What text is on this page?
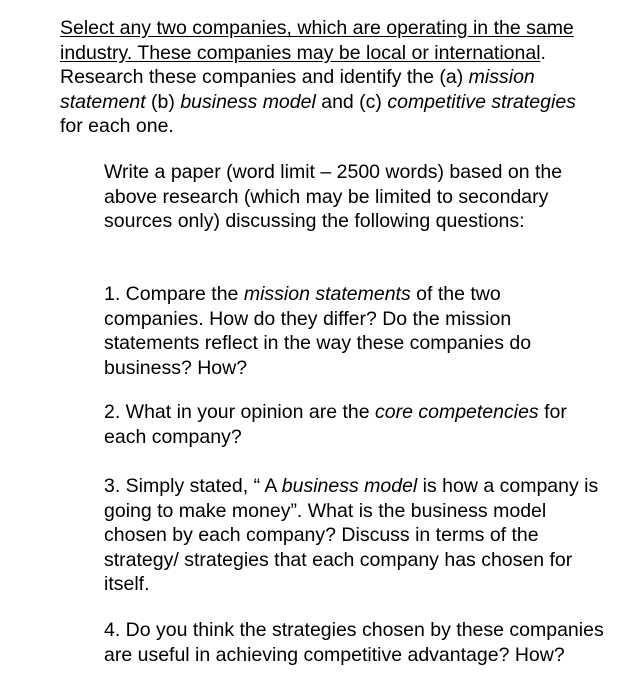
Select any two companies, which are operating in the same industry. These companies may be local or international. Research these companies and identify the (a) mission statement (b) business model and (c) competitive strategies for each one.

Write a paper (word limit – 2500 words) based on the above research (which may be limited to secondary sources only) discussing the following questions:

1. Compare the mission statements of the two companies. How do they differ? Do the mission statements reflect in the way these companies do business? How?

2. What in your opinion are the core competencies for each company?

3. Simply stated, “ A business model is how a company is going to make money”. What is the business model chosen by each company? Discuss in terms of the strategy/ strategies that each company has chosen for itself.

4. Do you think the strategies chosen by these companies are useful in achieving competitive advantage? How?
